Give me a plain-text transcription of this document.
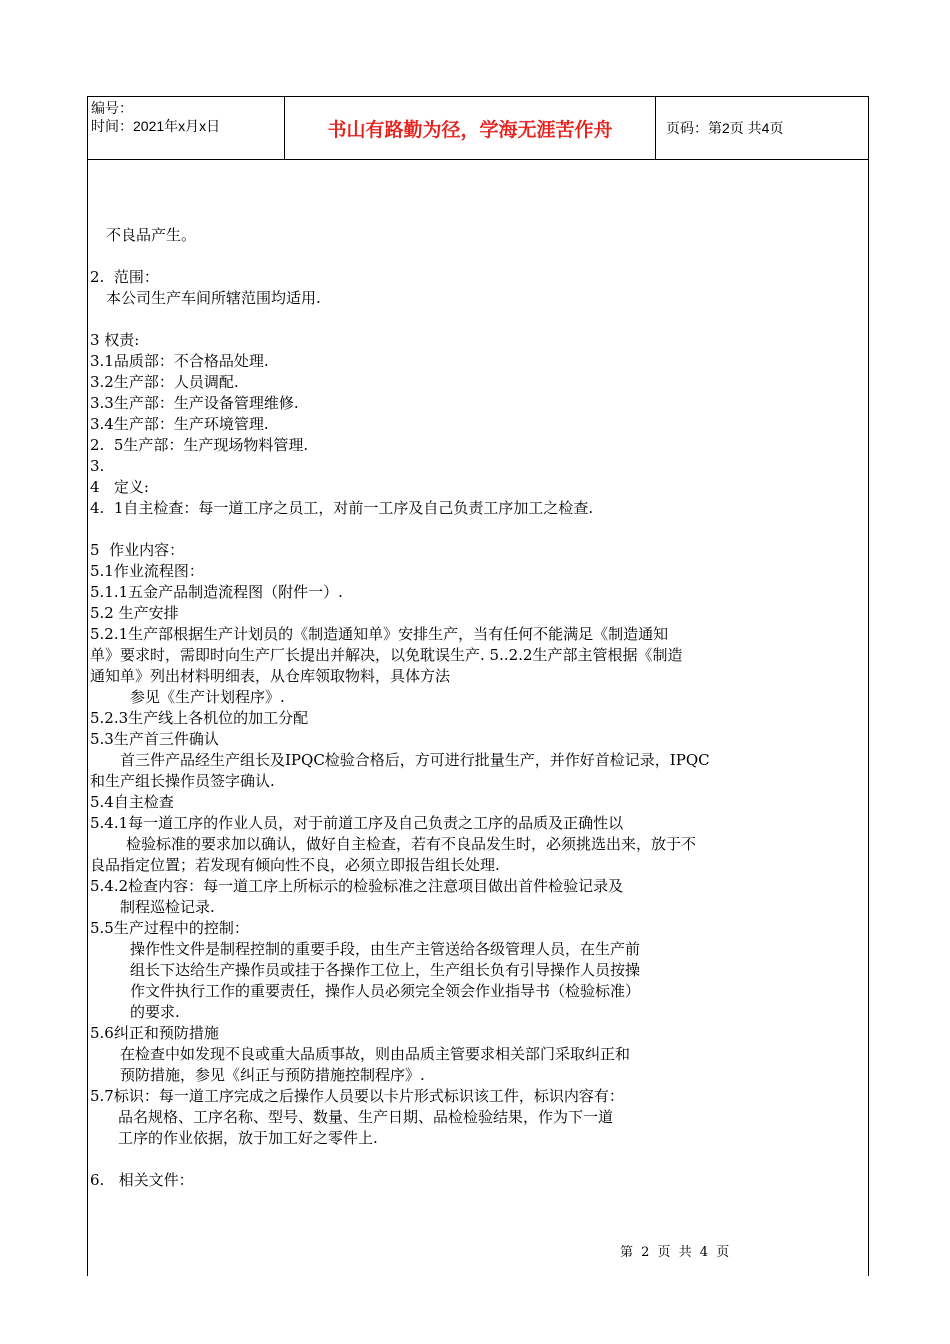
编号：
时间：2021年x月x日	书山有路勤为径，学海无涯苦作舟	页码：第2页 共4页
不良品产生。
2.  范围：
本公司生产车间所辖范围均适用.
3 权责:
3.1品质部：不合格品处理.
3.2生产部：人员调配.
3.3生产部：生产设备管理维修.
3.4生产部：生产环境管理.
2.  5生产部：生产现场物料管理.
3.
4   定义:
4.  1自主检查：每一道工序之员工，对前一工序及自己负责工序加工之检查.
5  作业内容：
5.1作业流程图：
5.1.1五金产品制造流程图（附件一）.
5.2 生产安排
5.2.1生产部根据生产计划员的《制造通知单》安排生产，当有任何不能满足《制造通知
单》要求时，需即时向生产厂长提出并解决，以免耽误生产. 5..2.2生产部主管根据《制造
通知单》列出材料明细表，从仓库领取物料，具体方法
参见《生产计划程序》.
5.2.3生产线上各机位的加工分配
5.3生产首三件确认
首三件产品经生产组长及IPQC检验合格后，方可进行批量生产，并作好首检记录，IPQC
和生产组长操作员签字确认.
5.4自主检查
5.4.1每一道工序的作业人员，对于前道工序及自己负责之工序的品质及正确性以
检验标准的要求加以确认，做好自主检查，若有不良品发生时，必须挑选出来，放于不
良品指定位置；若发现有倾向性不良，必须立即报告组长处理.
5.4.2检查内容：每一道工序上所标示的检验标准之注意项目做出首件检验记录及
制程巡检记录.
5.5生产过程中的控制：
操作性文件是制程控制的重要手段，由生产主管送给各级管理人员，在生产前
组长下达给生产操作员或挂于各操作工位上，生产组长负有引导操作人员按操
作文件执行工作的重要责任，操作人员必须完全领会作业指导书（检验标准）
的要求.
5.6纠正和预防措施
在检查中如发现不良或重大品质事故，则由品质主管要求相关部门采取纠正和
预防措施，参见《纠正与预防措施控制程序》.
5.7标识：每一道工序完成之后操作人员要以卡片形式标识该工件，标识内容有：
品名规格、工序名称、型号、数量、生产日期、品检检验结果，作为下一道
工序的作业依据，放于加工好之零件上.
6.   相关文件：
第 2 页 共 4 页
